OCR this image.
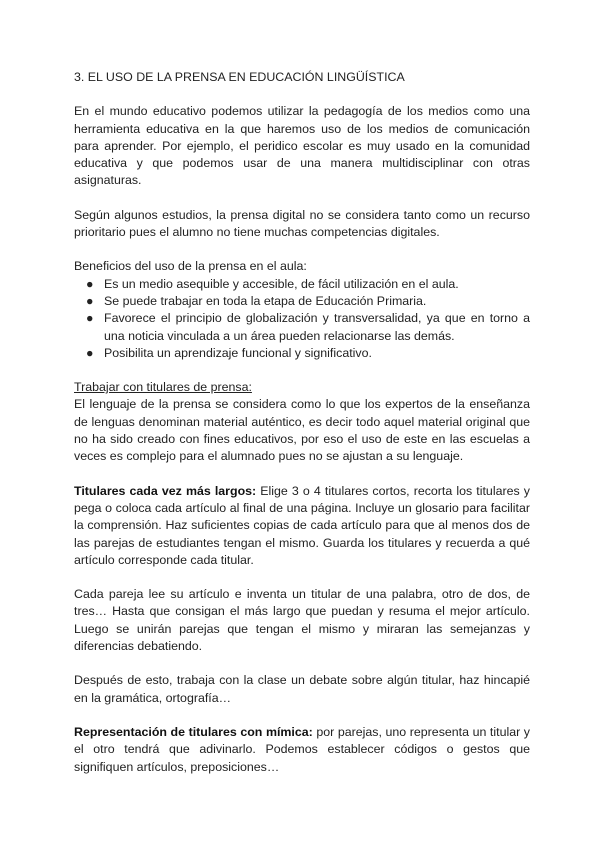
3. EL USO DE LA PRENSA EN EDUCACIÓN LINGÜÍSTICA

En el mundo educativo podemos utilizar la pedagogía de los medios como una herramienta educativa en la que haremos uso de los medios de comunicación para aprender. Por ejemplo, el peridico escolar es muy usado en la comunidad educativa y que podemos usar de una manera multidisciplinar con otras asignaturas.

Según algunos estudios, la prensa digital no se considera tanto como un recurso prioritario pues el alumno no tiene muchas competencias digitales.

Beneficios del uso de la prensa en el aula:

● Es un medio asequible y accesible, de fácil utilización en el aula.
● Se puede trabajar en toda la etapa de Educación Primaria.
● Favorece el principio de globalización y transversalidad, ya que en torno a una noticia vinculada a un área pueden relacionarse las demás.
● Posibilita un aprendizaje funcional y significativo.

Trabajar con titulares de prensa:
El lenguaje de la prensa se considera como lo que los expertos de la enseñanza de lenguas denominan material auténtico, es decir todo aquel material original que no ha sido creado con fines educativos, por eso el uso de este en las escuelas a veces es complejo para el alumnado pues no se ajustan a su lenguaje.

Titulares cada vez más largos: Elige 3 o 4 titulares cortos, recorta los titulares y pega o coloca cada artículo al final de una página. Incluye un glosario para facilitar la comprensión. Haz suficientes copias de cada artículo para que al menos dos de las parejas de estudiantes tengan el mismo. Guarda los titulares y recuerda a qué artículo corresponde cada titular.

Cada pareja lee su artículo e inventa un titular de una palabra, otro de dos, de tres… Hasta que consigan el más largo que puedan y resuma el mejor artículo. Luego se unirán parejas que tengan el mismo y miraran las semejanzas y diferencias debatiendo.

Después de esto, trabaja con la clase un debate sobre algún titular, haz hincapié en la gramática, ortografía…

Representación de titulares con mímica: por parejas, uno representa un titular y el otro tendrá que adivinarlo. Podemos establecer códigos o gestos que signifiquen artículos, preposiciones…
